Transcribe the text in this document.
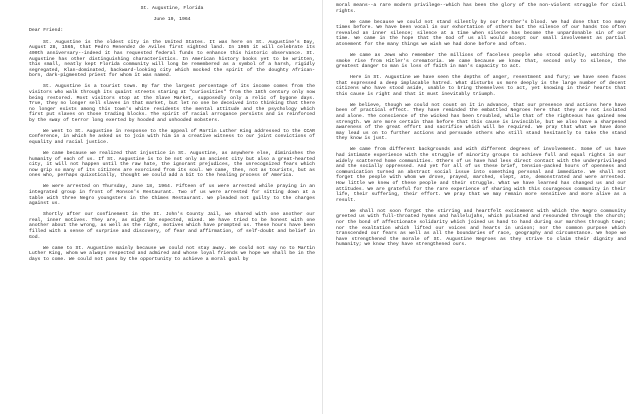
St. Augustine, Florida
June 19, 1964
Dear Friend:

St. Augustine is the oldest city in the United States. It was here on St. Augustine's Day, August 28, 1565, that Pedro Menendez de Aviles first sighted land. In 1965 it will celebrate its 400th anniversary--indeed it has requested federal funds to enhance this historic observance. St. Augustine has other distinguishing characteristics. In American history books yet to be written, this small, neatly kept Florida community will long be remembered as a symbol of a harsh, rigidly segregated, Klan-dominated, backward-looking city which mocked the spirit of the doughty African-born, dark-pigmented priest for whom it was named.

St. Augustine is a tourist town. By far the largest percentage of its income comes from the visitors who walk through its quaint streets staring at "curiosities" from the 18th century only now being restored. Most visitors stop at the Slave Market, supposedly only a relic of bygone days. True, they no longer sell slaves in that market, but let no one be deceived into thinking that there no longer exists among this town's white residents the mental attitude and the psychology which first put slaves on those trading blocks. The spirit of racial arrogance persists and is reinforced by the sway of terror long exerted by hooded and unhooded mobsters.

We went to St. Augustine in response to the appeal of Martin Luther King addressed to the CCAR Conference, in which he asked us to join with him in a creative witness to our joint convictions of equality and racial justice.

We came because we realized that injustice in St. Augustine, as anywhere else, diminishes the humanity of each of us. If St. Augustine is to be not only an ancient city but also a great-hearted city, it will not happen until the raw hate, the ignorant prejudices, the unrecognized fears which now grip so many of its citizens are exorcised from its soul. We came, then, not as tourists, but as ones who, perhaps quixotically, thought we could add a bit to the healing process of America.

We were arrested on Thursday, June 18, 1964. Fifteen of us were arrested while praying in an integrated group in front of Monson's Restaurant. Two of us were arrested for sitting down at a table with three Negro youngsters in the Chimes Restaurant. We pleaded not guilty to the charges against us.

Shortly after our confinement in the St. John's County Jail, we shared with one another our real, inner motives. They are, as might be expected, mixed. We have tried to be honest with one another about the wrong, as well as the right, motives which have prompted us. These hours have been filled with a sense of surprise and discovery, of fear and affirmation, of self-doubt and belief in God.

We came to St. Augustine mainly because we could not stay away. We could not say no to Martin Luther King, whom we always respected and admired and whose loyal friends we hope we shall be in the days to come. We could not pass by the opportunity to achieve a moral goal by

moral means--a rare modern privilege--which has been the glory of the non-violent struggle for civil rights.

We came because we could not stand silently by our brother's blood. We had done that too many times before. We have been vocal in our exhortation of others but the silence of our hands too often revealed an inner silence; silence at a time when silence has become the unpardonable sin of our time. We came in the hope that the God of us all would accept our small involvement as partial atonement for the many things we wish we had done before and often.

We came as Jews who remember the millions of faceless people who stood quietly, watching the smoke rise from Hitler's crematoria. We came because we know that, second only to silence, the greatest danger to man is loss of faith in man's capacity to act.

Here in St. Augustine we have seen the depths of anger, resentment and fury; we have seen faces that expressed a deep implacable hatred. What disturbs us more deeply is the large number of decent citizens who have stood aside, unable to bring themselves to act, yet knowing in their hearts that this cause is right and that it must inevitably triumph.

We believe, though we could not count on it in advance, that our presence and actions here have been of practical effect. They have reminded the embattled Negroes here that they are not isolated and alone. The conscience of the wicked has been troubled, while that of the righteous has gained new strength. We are more certain than before that this cause is invincible, but we also have a sharpened awareness of the great effort and sacrifice which will be required. We pray that what we have done may lead us on to further actions and persuade others who still stand hesitantly to take the stand they know is just.

We came from different backgrounds and with different degrees of involvement. Some of us have had intimate experience with the struggle of minority groups to achieve full and equal rights in our widely scattered home communities. Others of us have had less direct contact with the underprivileged and the socially oppressed. And yet for all of us these brief, tension-packed hours of openness and communication turned an abstract social issue into something personal and immediate. We shall not forget the people with whom we drove, prayed, marched, slept, ate, demonstrated and were arrested. How little we knew of these people and their struggle. What we have learned has changed us and our attitudes. We are grateful for the rare experience of sharing with this courageous community in their life, their suffering, their effort. We pray that we may remain more sensitive and more alive as a result.

We shall not soon forget the stirring and heartfelt excitement with which the Negro community greeted us with full-throated hymns and hallelujahs, which pulsated and resounded through the church; nor the bond of affectionate solidarity which joined us hand to hand during our marches through town; nor the exaltation which lifted our voices and hearts in unison; nor the common purpose which transcended our fears as well as all the boundaries of race, geography and circumstance. We hope we have strengthened the morale of St. Augustine Negroes as they strive to claim their dignity and humanity; we know they have strengthened ours.
